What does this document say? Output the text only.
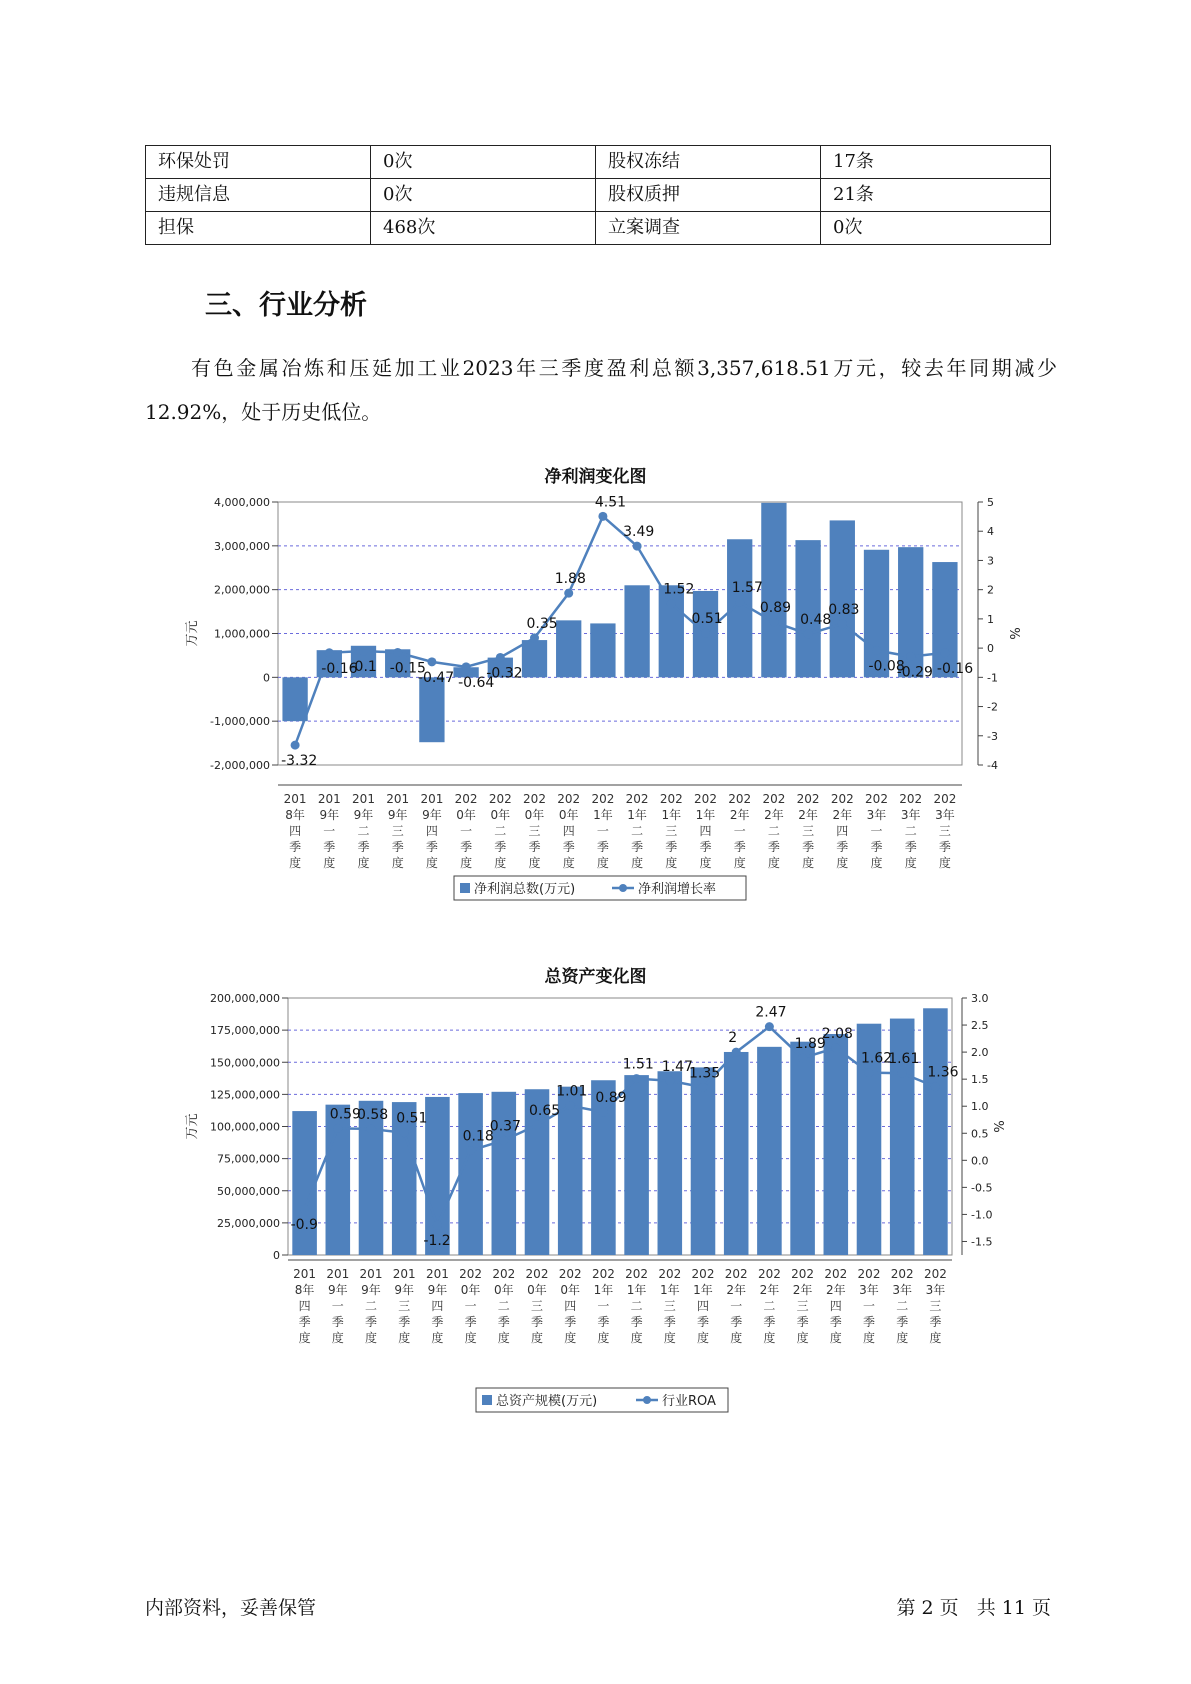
环保处罚	0次	股权冻结	17条
违规信息	0次	股权质押	21条
担保	468次	立案调查	0次
三、行业分析
有色金属冶炼和压延加工业2023年三季度盈利总额3,357,618.51万元，较去年同期减少12.92%，处于历史低位。
净利润变化图
4,000,000
3,000,000
2,000,000
1,000,000
0
-1,000,000
-2,000,000
5
4
3
2
1
0
-1
-2
-3
-4
万元	%
201
8年
四
季
度
201
9年
一
季
度
201
9年
二
季
度
201
9年
三
季
度
201
9年
四
季
度
202
0年
一
季
度
202
0年
二
季
度
202
0年
三
季
度
202
0年
四
季
度
202
1年
一
季
度
202
1年
二
季
度
202
1年
三
季
度
202
1年
四
季
度
202
2年
一
季
度
202
2年
二
季
度
202
2年
三
季
度
202
2年
四
季
度
202
3年
一
季
度
202
3年
二
季
度
202
3年
三
季
度
-3.32
-0.16
-0.1 -0.15
-0.47 -0.64
-0.32
0.35
1.88
4.51
3.49
1.52
0.51
1.57
0.89
0.48
0.83
-0.08
-0.29 -0.16
净利润总数(万元)	净利润增长率
总资产变化图
200,000,000
175,000,000
150,000,000
125,000,000
100,000,000
75,000,000
50,000,000
25,000,000
0
3.0
2.5
2.0
1.5
1.0
0.5
0.0
-0.5
-1.0
-1.5
万元	%
201
8年
四
季
度
201
9年
一
季
度
201
9年
二
季
度
201
9年
三
季
度
201
9年
四
季
度
202
0年
一
季
度
202
0年
二
季
度
202
0年
三
季
度
202
0年
四
季
度
202
1年
一
季
度
202
1年
二
季
度
202
1年
三
季
度
202
1年
四
季
度
202
2年
一
季
度
202
2年
二
季
度
202
2年
三
季
度
202
2年
四
季
度
202
3年
一
季
度
202
3年
二
季
度
202
3年
三
季
度
-0.9
0.59
0.58 0.51
-1.2
0.18
0.37
0.65
1.01 0.89
1.51 1.47
1.35
2
2.47
1.89
2.08
1.62
1.61
1.36
总资产规模(万元)	行业ROA
内部资料，妥善保管	第 2 页   共 11 页
